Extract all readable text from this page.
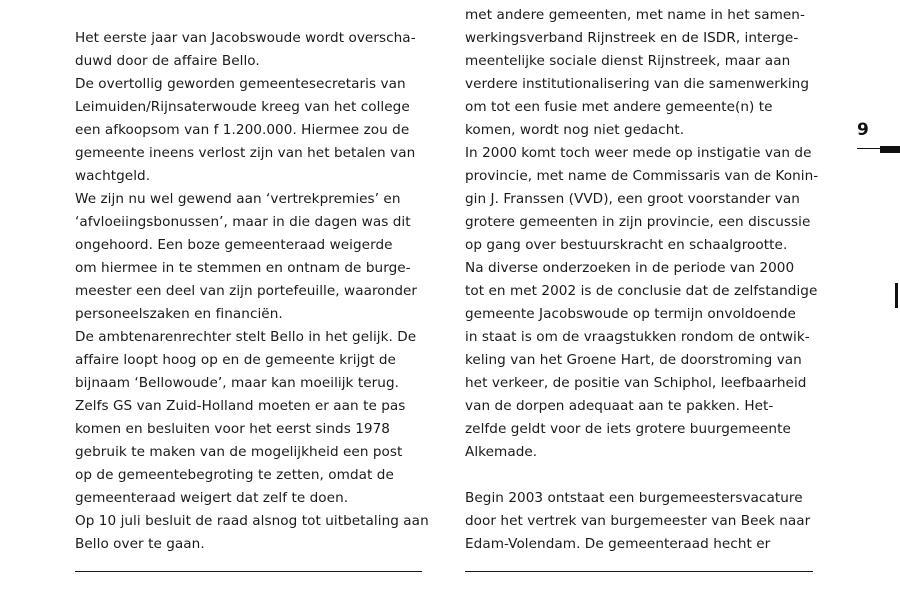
Het eerste jaar van Jacobswoude wordt overscha-
duwd door de affaire Bello.
De overtollig geworden gemeentesecretaris van
Leimuiden/Rijnsaterwoude kreeg van het college
een afkoopsom van f 1.200.000. Hiermee zou de
gemeente ineens verlost zijn van het betalen van
wachtgeld.
We zijn nu wel gewend aan ‘vertrekpremies’ en
‘afvloeiingsbonussen’, maar in die dagen was dit
ongehoord. Een boze gemeenteraad weigerde
om hiermee in te stemmen en ontnam de burge-
meester een deel van zijn portefeuille, waaronder
personeelszaken en financiën.
De ambtenarenrechter stelt Bello in het gelijk. De
affaire loopt hoog op en de gemeente krijgt de
bijnaam ‘Bellowoude’, maar kan moeilijk terug.
Zelfs GS van Zuid-Holland moeten er aan te pas
komen en besluiten voor het eerst sinds 1978
gebruik te maken van de mogelijkheid een post
op de gemeentebegroting te zetten, omdat de
gemeenteraad weigert dat zelf te doen.
Op 10 juli besluit de raad alsnog tot uitbetaling aan
Bello over te gaan.
met andere gemeenten, met name in het samen-
werkingsverband Rijnstreek en de ISDR, interge-
meentelijke sociale dienst Rijnstreek, maar aan
verdere institutionalisering van die samenwerking
om tot een fusie met andere gemeente(n) te
komen, wordt nog niet gedacht.
In 2000 komt toch weer mede op instigatie van de
provincie, met name de Commissaris van de Konin-
gin J. Franssen (VVD), een groot voorstander van
grotere gemeenten in zijn provincie, een discussie
op gang over bestuurskracht en schaalgrootte.
Na diverse onderzoeken in de periode van 2000
tot en met 2002 is de conclusie dat de zelfstandige
gemeente Jacobswoude op termijn onvoldoende
in staat is om de vraagstukken rondom de ontwik-
keling van het Groene Hart, de doorstroming van
het verkeer, de positie van Schiphol, leefbaarheid
van de dorpen adequaat aan te pakken. Het-
zelfde geldt voor de iets grotere buurgemeente
Alkemade.
Begin 2003 ontstaat een burgemeestersvacature
door het vertrek van burgemeester van Beek naar
Edam-Volendam. De gemeenteraad hecht er
9
